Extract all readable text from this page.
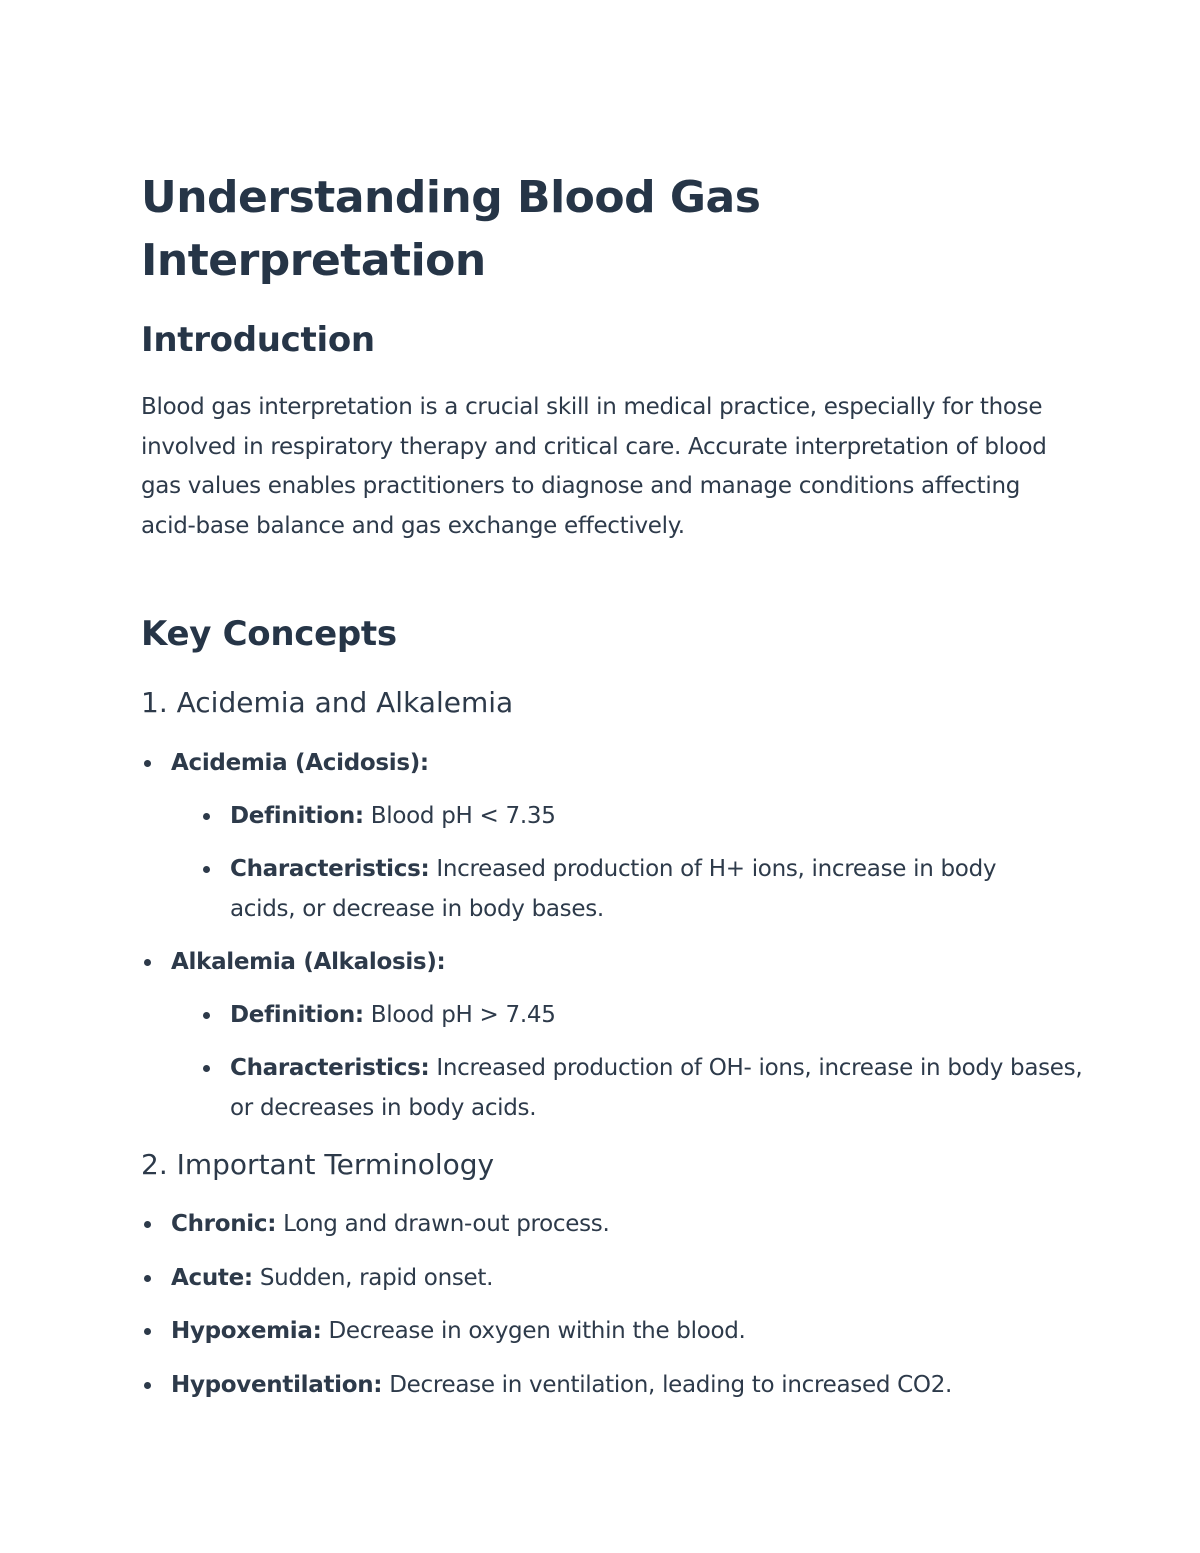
Understanding Blood Gas Interpretation
Introduction

Blood gas interpretation is a crucial skill in medical practice, especially for those involved in respiratory therapy and critical care. Accurate interpretation of blood gas values enables practitioners to diagnose and manage conditions affecting acid-base balance and gas exchange effectively.

Key Concepts
1. Acidemia and Alkalemia
Acidemia (Acidosis):
Definition: Blood pH < 7.35
Characteristics: Increased production of H+ ions, increase in body acids, or decrease in body bases.
Alkalemia (Alkalosis):
Definition: Blood pH > 7.45
Characteristics: Increased production of OH- ions, increase in body bases, or decreases in body acids.
2. Important Terminology
Chronic: Long and drawn-out process.
Acute: Sudden, rapid onset.
Hypoxemia: Decrease in oxygen within the blood.
Hypoventilation: Decrease in ventilation, leading to increased CO2.
